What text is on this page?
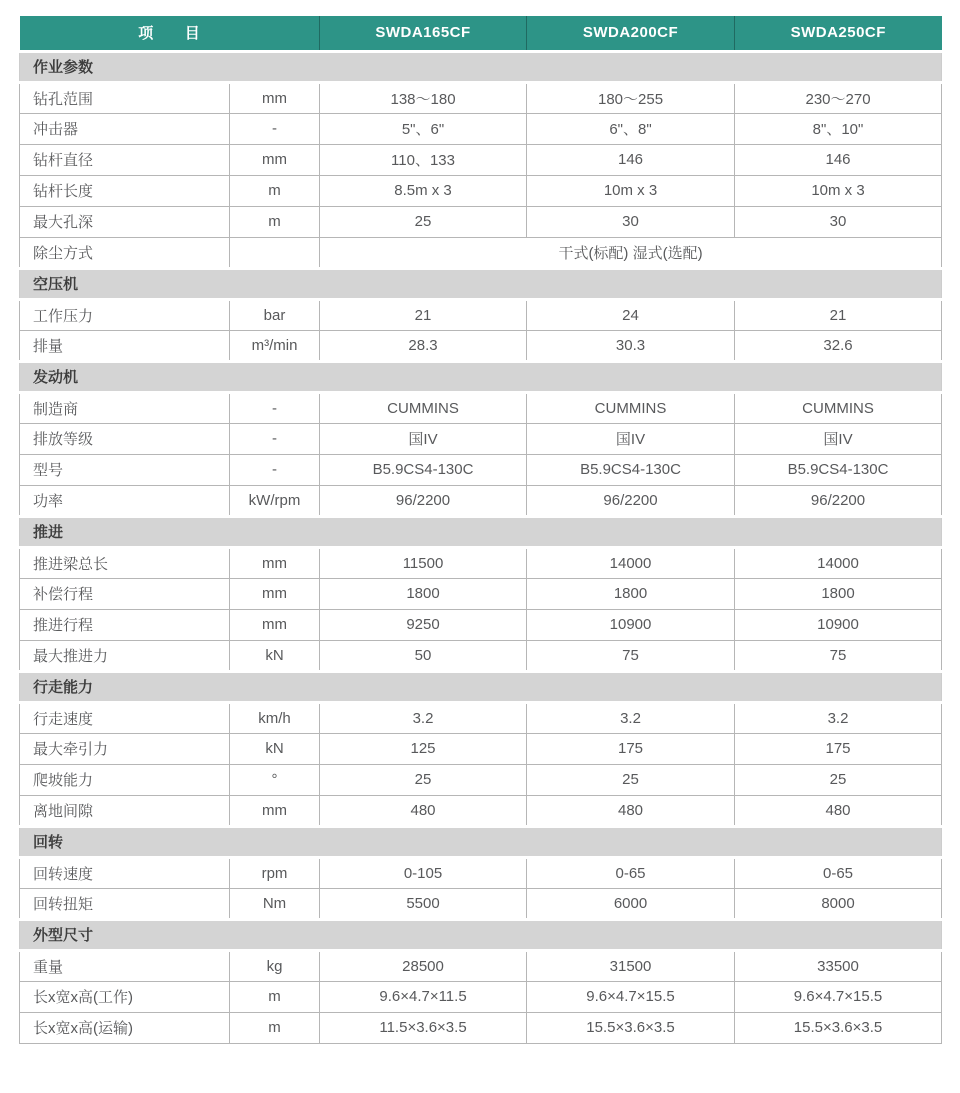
项　　目		SWDA165CF	SWDA200CF	SWDA250CF
作业参数				
钻孔范围	mm	138～180	180～255	230～270
冲击器	-	5"、6"	6"、8"	8"、10"
钻杆直径	mm	110、133	146	146
钻杆长度	m	8.5m x 3	10m x 3	10m x 3
最大孔深	m	25	30	30
除尘方式		干式(标配) 湿式(选配)		
空压机				
工作压力	bar	21	24	21
排量	m³/min	28.3	30.3	32.6
发动机				
制造商	-	CUMMINS	CUMMINS	CUMMINS
排放等级	-	国IV	国IV	国IV
型号	-	B5.9CS4-130C	B5.9CS4-130C	B5.9CS4-130C
功率	kW/rpm	96/2200	96/2200	96/2200
推进				
推进梁总长	mm	11500	14000	14000
补偿行程	mm	1800	1800	1800
推进行程	mm	9250	10900	10900
最大推进力	kN	50	75	75
行走能力				
行走速度	km/h	3.2	3.2	3.2
最大牵引力	kN	125	175	175
爬坡能力	°	25	25	25
离地间隙	mm	480	480	480
回转				
回转速度	rpm	0-105	0-65	0-65
回转扭矩	Nm	5500	6000	8000
外型尺寸				
重量	kg	28500	31500	33500
长x宽x高(工作)	m	9.6×4.7×11.5	9.6×4.7×15.5	9.6×4.7×15.5
长x宽x高(运输)	m	11.5×3.6×3.5	15.5×3.6×3.5	15.5×3.6×3.5
